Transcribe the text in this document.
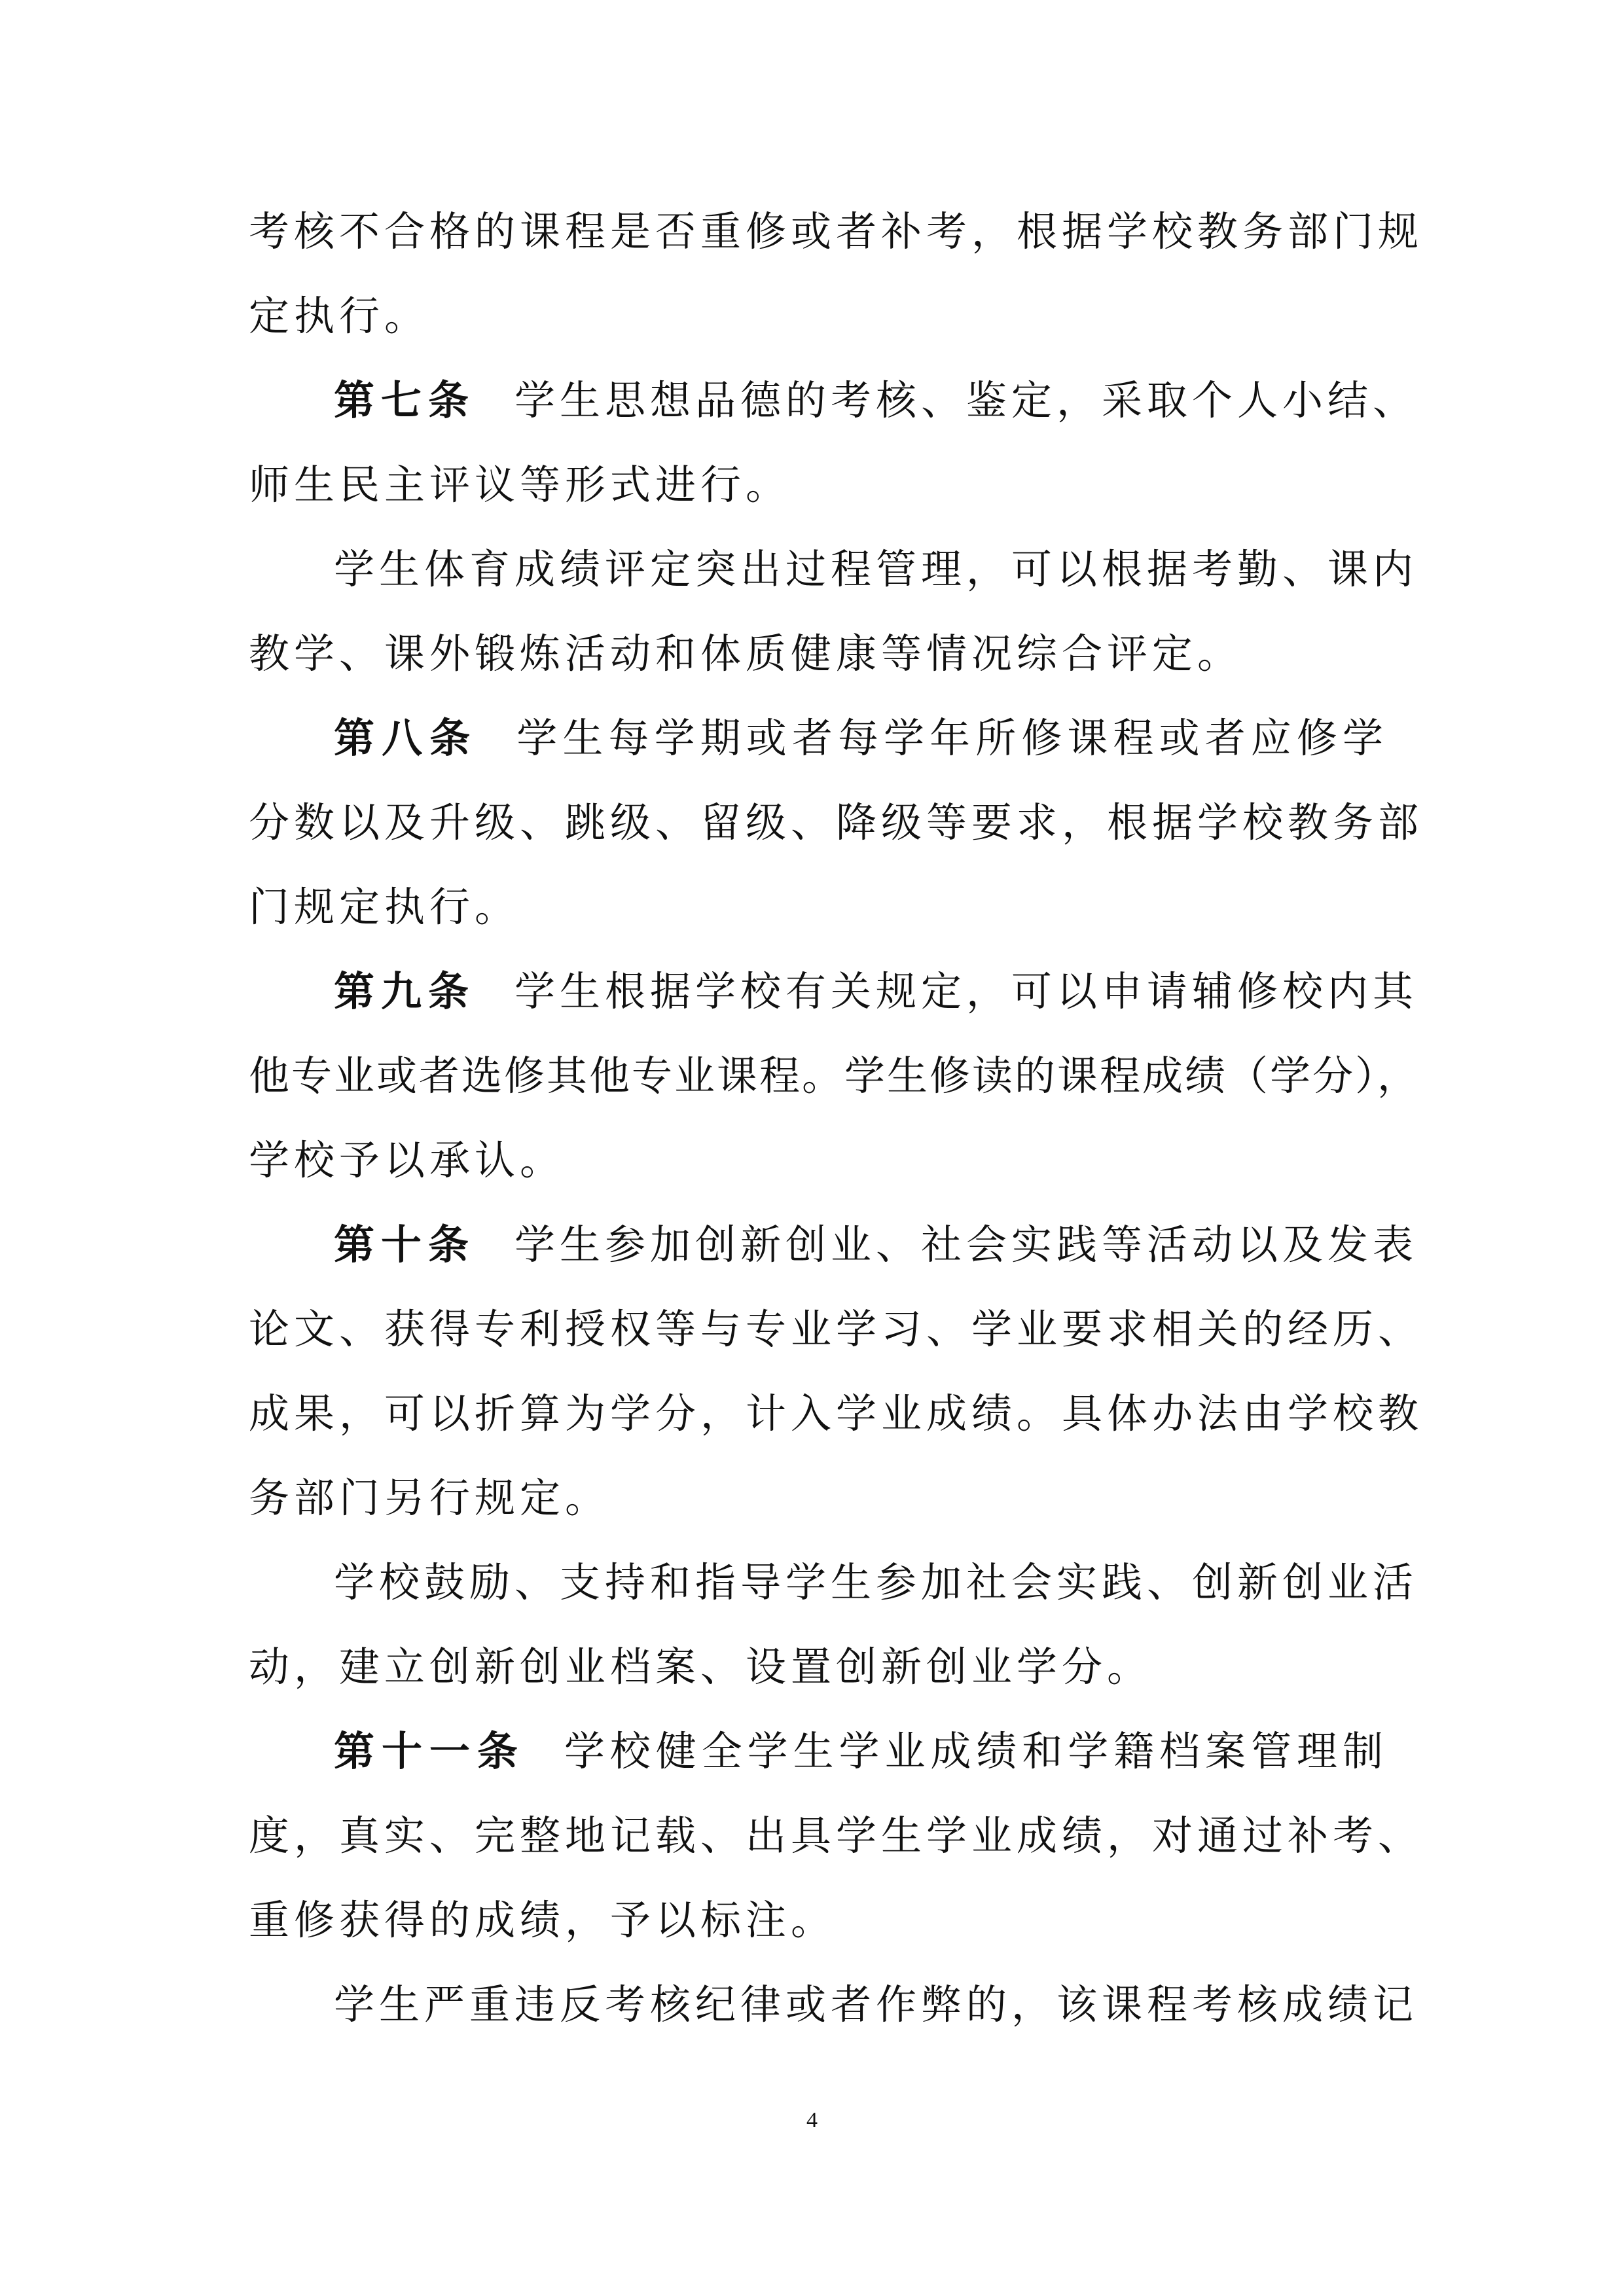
考核不合格的课程是否重修或者补考，根据学校教务部门规
定执行。
第七条 学生思想品德的考核、鉴定，采取个人小结、
师生民主评议等形式进行。
学生体育成绩评定突出过程管理，可以根据考勤、课内
教学、课外锻炼活动和体质健康等情况综合评定。
第八条 学生每学期或者每学年所修课程或者应修学
分数以及升级、跳级、留级、降级等要求，根据学校教务部
门规定执行。
第九条 学生根据学校有关规定，可以申请辅修校内其
他专业或者选修其他专业课程。学生修读的课程成绩（学分），
学校予以承认。
第十条 学生参加创新创业、社会实践等活动以及发表
论文、获得专利授权等与专业学习、学业要求相关的经历、
成果，可以折算为学分，计入学业成绩。具体办法由学校教
务部门另行规定。
学校鼓励、支持和指导学生参加社会实践、创新创业活
动，建立创新创业档案、设置创新创业学分。
第十一条 学校健全学生学业成绩和学籍档案管理制
度，真实、完整地记载、出具学生学业成绩，对通过补考、
重修获得的成绩，予以标注。
学生严重违反考核纪律或者作弊的，该课程考核成绩记
4
